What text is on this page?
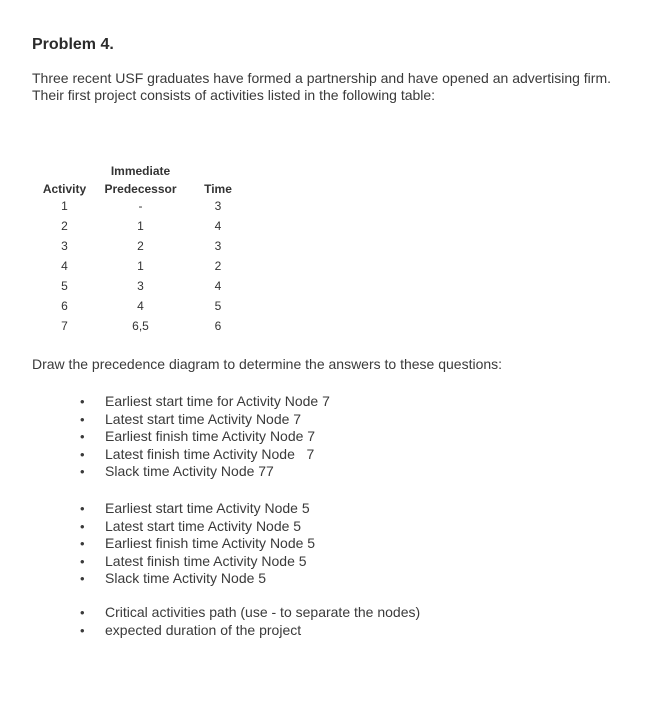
Problem 4.

Three recent USF graduates have formed a partnership and have opened an advertising firm. Their first project consists of activities listed in the following table:

	Immediate	
Activity	Predecessor	Time
1	-	3
2	1	4
3	2	3
4	1	2
5	3	4
6	4	5
7	6,5	6

Draw the precedence diagram to determine the answers to these questions:

• Earliest start time for Activity Node 7
• Latest start time Activity Node 7
• Earliest finish time Activity Node 7
• Latest finish time Activity Node   7
• Slack time Activity Node 77
• Earliest start time Activity Node 5
• Latest start time Activity Node 5
• Earliest finish time Activity Node 5
• Latest finish time Activity Node 5
• Slack time Activity Node 5
• Critical activities path (use - to separate the nodes)
• expected duration of the project
